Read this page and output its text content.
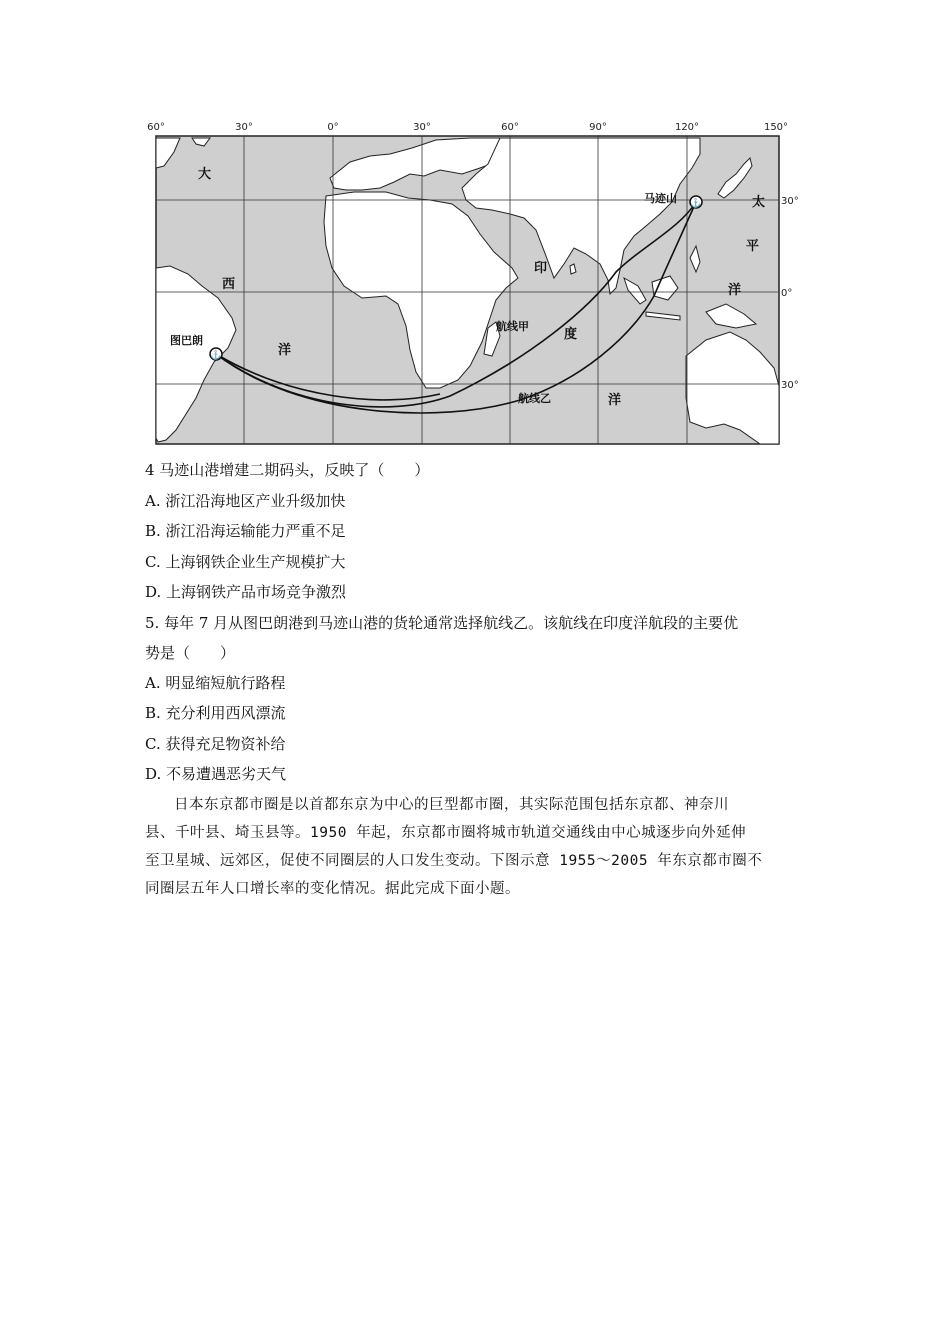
60°	30°	0°	30°	60°	90°	120°	150°
30°
0°
30°
⚓
⚓
大
西
洋
印
度
洋
太
平
洋
马迹山
图巴朗
航线甲
航线乙
4 马迹山港增建二期码头，反映了（　　）
A. 浙江沿海地区产业升级加快
B. 浙江沿海运输能力严重不足
C. 上海钢铁企业生产规模扩大
D. 上海钢铁产品市场竞争激烈
5. 每年 7 月从图巴朗港到马迹山港的货轮通常选择航线乙。该航线在印度洋航段的主要优
势是（　　）
A. 明显缩短航行路程
B. 充分利用西风漂流
C. 获得充足物资补给
D. 不易遭遇恶劣天气

日本东京都市圈是以首都东京为中心的巨型都市圈，其实际范围包括东京都、神奈川

县、千叶县、埼玉县等。1950 年起，东京都市圈将城市轨道交通线由中心城逐步向外延伸

至卫星城、远郊区，促使不同圈层的人口发生变动。下图示意 1955～2005 年东京都市圈不

同圈层五年人口增长率的变化情况。据此完成下面小题。
